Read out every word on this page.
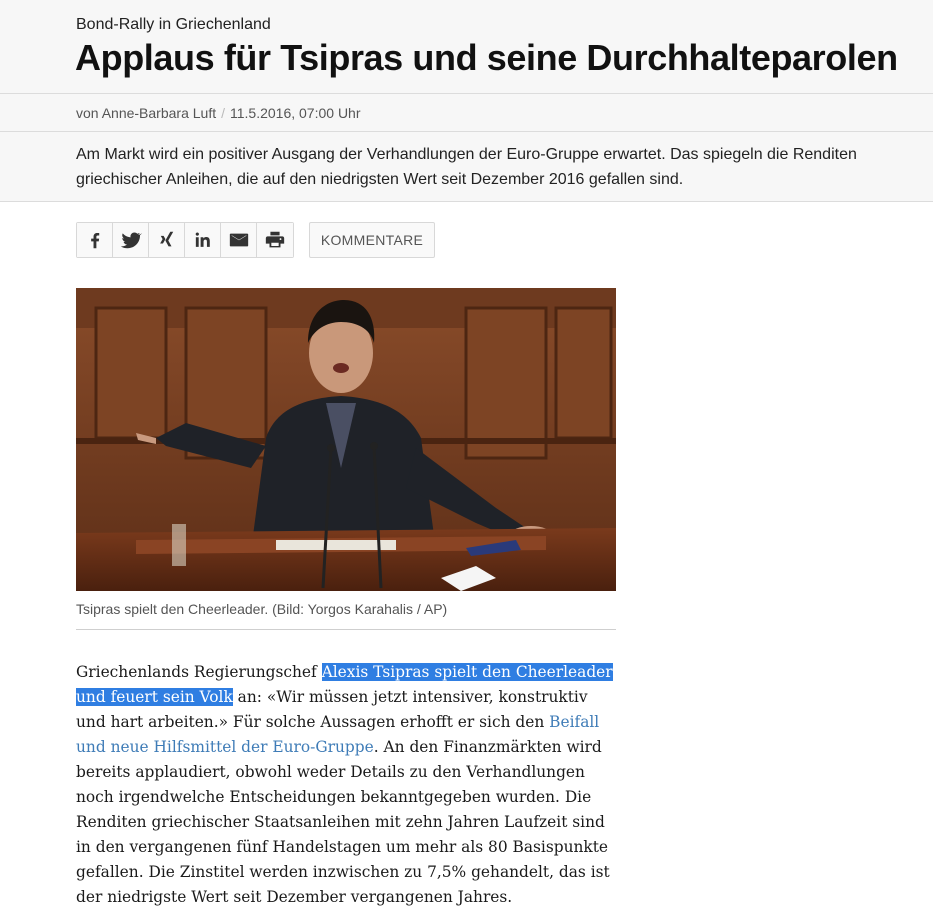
Bond-Rally in Griechenland
Applaus für Tsipras und seine Durchhalteparolen
von Anne-Barbara Luft / 11.5.2016, 07:00 Uhr

Am Markt wird ein positiver Ausgang der Verhandlungen der Euro-Gruppe erwartet. Das spiegeln die Renditen griechischer Anleihen, die auf den niedrigsten Wert seit Dezember 2016 gefallen sind.

KOMMENTARE
Tsipras spielt den Cheerleader. (Bild: Yorgos Karahalis / AP)

Griechenlands Regierungschef Alexis Tsipras spielt den Cheerleader und feuert sein Volk an: «Wir müssen jetzt intensiver, konstruktiv und hart arbeiten.» Für solche Aussagen erhofft er sich den Beifall und neue Hilfsmittel der Euro-Gruppe. An den Finanzmärkten wird bereits applaudiert, obwohl weder Details zu den Verhandlungen noch irgendwelche Entscheidungen bekanntgegeben wurden. Die Renditen griechischer Staatsanleihen mit zehn Jahren Laufzeit sind in den vergangenen fünf Handelstagen um mehr als 80 Basispunkte gefallen. Die Zinstitel werden inzwischen zu 7,5% gehandelt, das ist der niedrigste Wert seit Dezember vergangenen Jahres.
